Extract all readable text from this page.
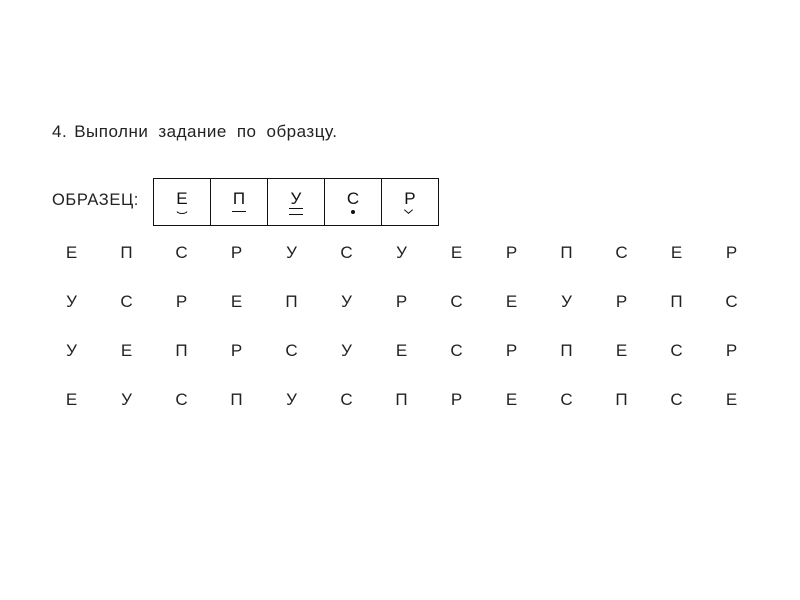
4. Выполни задание по образцу.
ОБРАЗЕЦ: Е	П	У	С	Р
Е	П	С	Р	У	С	У	Е	Р	П	С	Е	Р
У	С	Р	Е	П	У	Р	С	Е	У	Р	П	С
У	Е	П	Р	С	У	Е	С	Р	П	Е	С	Р
Е	У	С	П	У	С	П	Р	Е	С	П	С	Е
